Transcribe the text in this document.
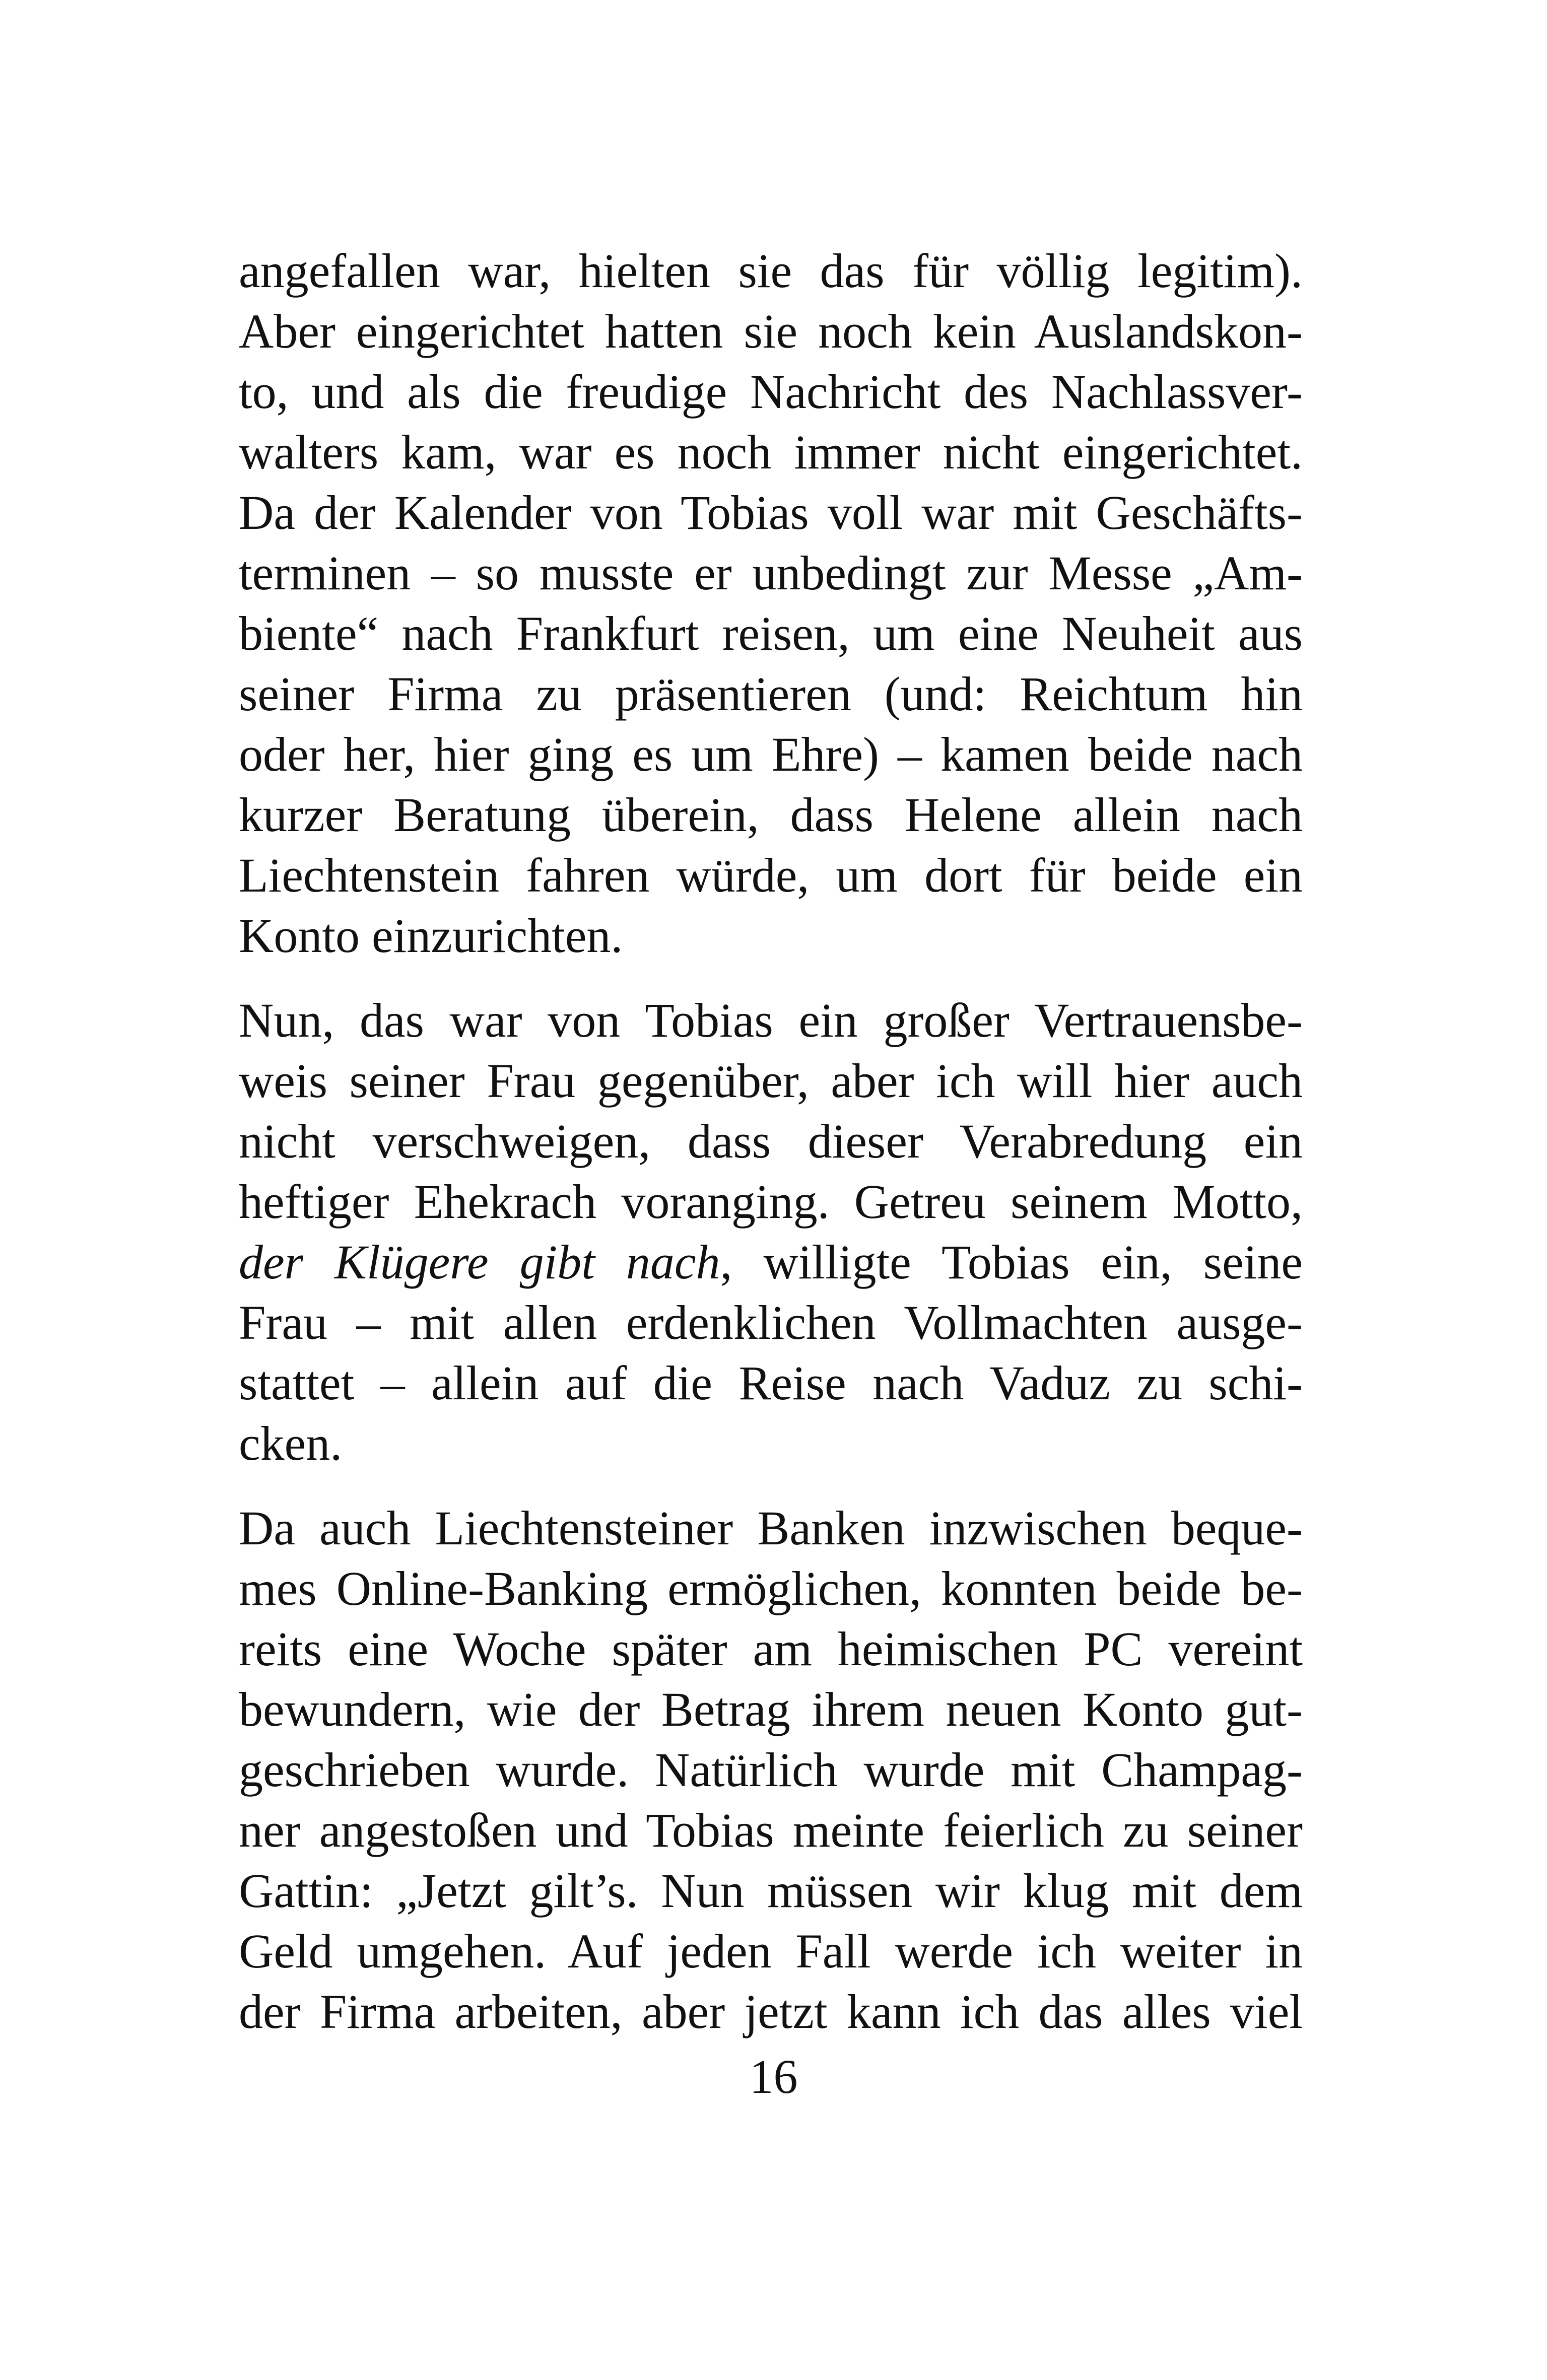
angefallen war, hielten sie das für völlig legitim).
Aber eingerichtet hatten sie noch kein Auslandskon-
to, und als die freudige Nachricht des Nachlassver-
walters kam, war es noch immer nicht eingerichtet.
Da der Kalender von Tobias voll war mit Geschäfts-
terminen – so musste er unbedingt zur Messe „Am-
biente“ nach Frankfurt reisen, um eine Neuheit aus
seiner Firma zu präsentieren (und: Reichtum hin
oder her, hier ging es um Ehre) – kamen beide nach
kurzer Beratung überein, dass Helene allein nach
Liechtenstein fahren würde, um dort für beide ein
Konto einzurichten.

Nun, das war von Tobias ein großer Vertrauensbe-
weis seiner Frau gegenüber, aber ich will hier auch
nicht verschweigen, dass dieser Verabredung ein
heftiger Ehekrach voranging. Getreu seinem Motto,
der Klügere gibt nach, willigte Tobias ein, seine
Frau – mit allen erdenklichen Vollmachten ausge-
stattet – allein auf die Reise nach Vaduz zu schi-
cken.

Da auch Liechtensteiner Banken inzwischen beque-
mes Online-Banking ermöglichen, konnten beide be-
reits eine Woche später am heimischen PC vereint
bewundern, wie der Betrag ihrem neuen Konto gut-
geschrieben wurde. Natürlich wurde mit Champag-
ner angestoßen und Tobias meinte feierlich zu seiner
Gattin: „Jetzt gilt’s. Nun müssen wir klug mit dem
Geld umgehen. Auf jeden Fall werde ich weiter in
der Firma arbeiten, aber jetzt kann ich das alles viel

16
